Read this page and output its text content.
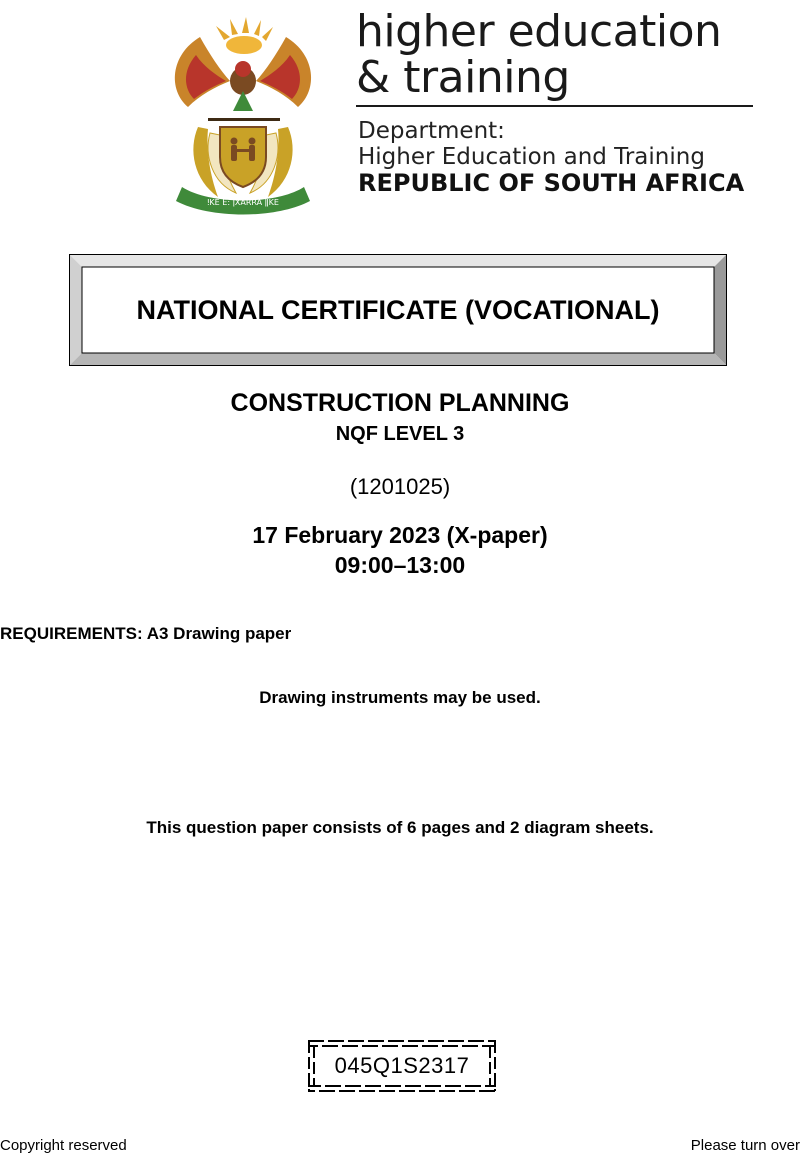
ǃKE E: ǀXARRA ǁKE
higher education
& training
Department:
Higher Education and Training
REPUBLIC OF SOUTH AFRICA
NATIONAL CERTIFICATE (VOCATIONAL)
CONSTRUCTION PLANNING
NQF LEVEL 3
(1201025)
17 February 2023 (X-paper)
09:00–13:00
REQUIREMENTS: A3 Drawing paper
Drawing instruments may be used.
This question paper consists of 6 pages and 2 diagram sheets.
045Q1S2317
Copyright reserved	Please turn over
